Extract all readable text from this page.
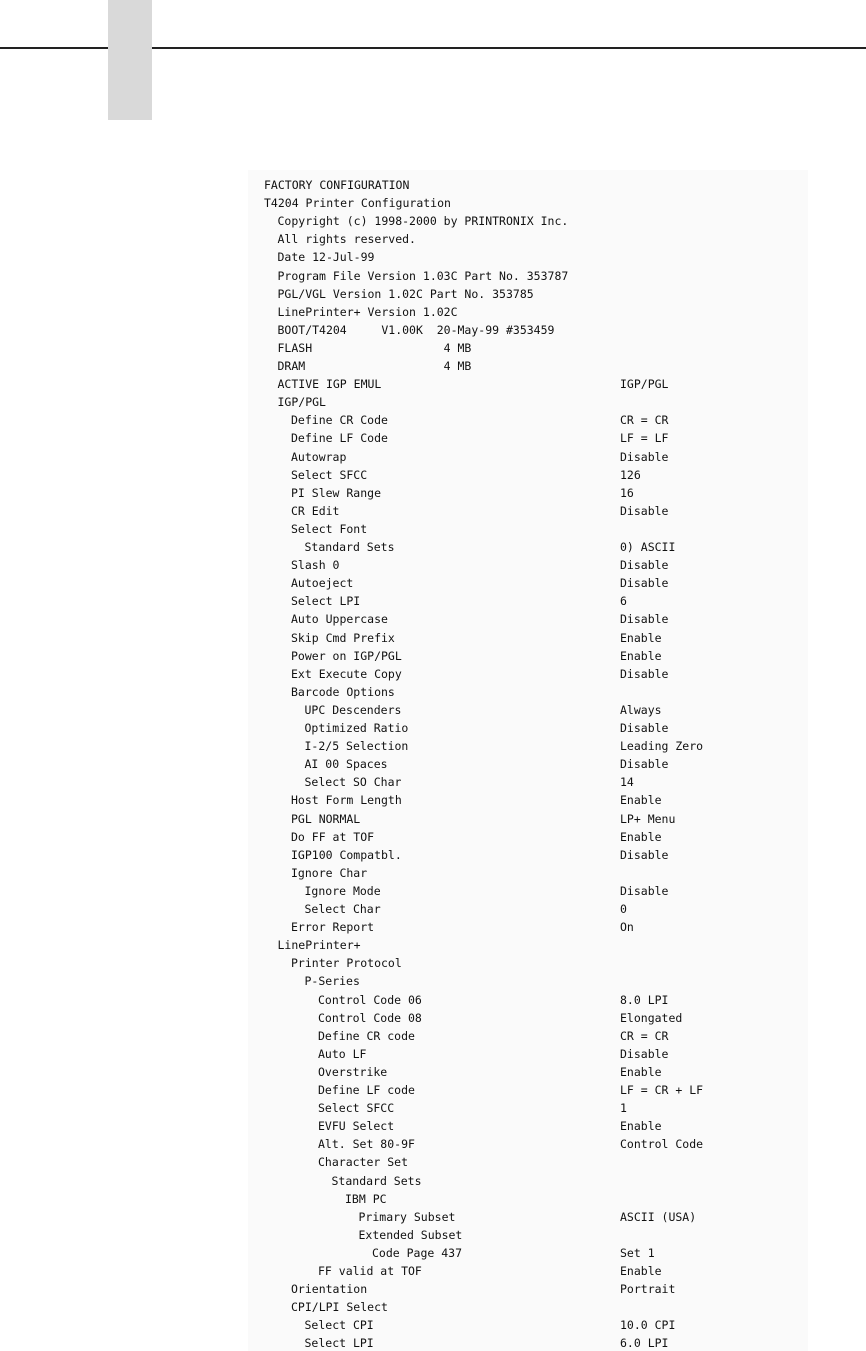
FACTORY CONFIGURATION
T4204 Printer Configuration
Copyright (c) 1998-2000 by PRINTRONIX Inc.
All rights reserved.
Date 12-Jul-99
Program File Version 1.03C Part No. 353787
PGL/VGL Version 1.02C Part No. 353785
LinePrinter+ Version 1.02C
BOOT/T4204     V1.00K  20-May-99 #353459
FLASH                   4 MB
DRAM                    4 MB
ACTIVE IGP EMUL	IGP/PGL
IGP/PGL
Define CR Code	CR = CR
Define LF Code	LF = LF
Autowrap	Disable
Select SFCC	126
PI Slew Range	16
CR Edit	Disable
Select Font
Standard Sets	0) ASCII
Slash 0	Disable
Autoeject	Disable
Select LPI	6
Auto Uppercase	Disable
Skip Cmd Prefix	Enable
Power on IGP/PGL	Enable
Ext Execute Copy	Disable
Barcode Options
UPC Descenders	Always
Optimized Ratio	Disable
I-2/5 Selection	Leading Zero
AI 00 Spaces	Disable
Select SO Char	14
Host Form Length	Enable
PGL NORMAL	LP+ Menu
Do FF at TOF	Enable
IGP100 Compatbl.	Disable
Ignore Char
Ignore Mode	Disable
Select Char	0
Error Report	On
LinePrinter+
Printer Protocol
P-Series
Control Code 06	8.0 LPI
Control Code 08	Elongated
Define CR code	CR = CR
Auto LF	Disable
Overstrike	Enable
Define LF code	LF = CR + LF
Select SFCC	1
EVFU Select	Enable
Alt. Set 80-9F	Control Code
Character Set
Standard Sets
IBM PC
Primary Subset	ASCII (USA)
Extended Subset
Code Page 437	Set 1
FF valid at TOF	Enable
Orientation	Portrait
CPI/LPI Select
Select CPI	10.0 CPI
Select LPI	6.0 LPI
